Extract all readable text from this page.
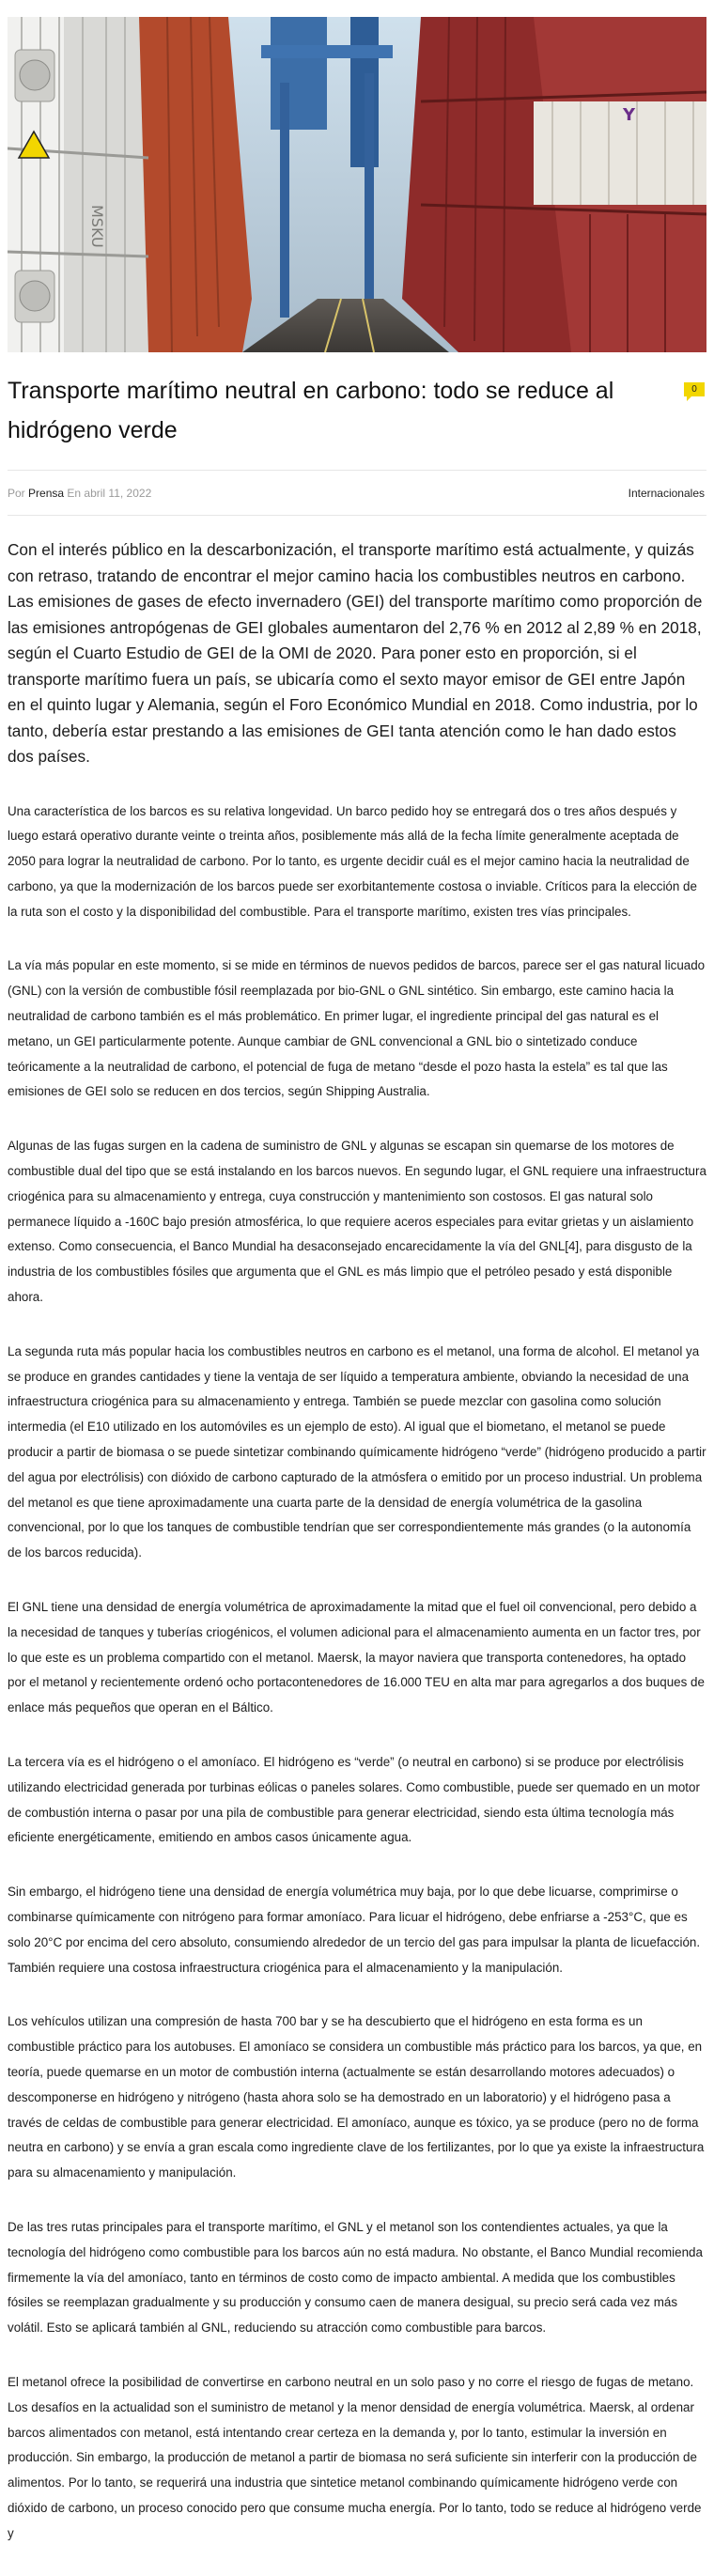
MSKU
Y
Transporte marítimo neutral en carbono: todo se reduce al hidrógeno verde
0
Por Prensa En abril 11, 2022	Internacionales

Con el interés público en la descarbonización, el transporte marítimo está actualmente, y quizás con retraso, tratando de encontrar el mejor camino hacia los combustibles neutros en carbono. Las emisiones de gases de efecto invernadero (GEI) del transporte marítimo como proporción de las emisiones antropógenas de GEI globales aumentaron del 2,76 % en 2012 al 2,89 % en 2018, según el Cuarto Estudio de GEI de la OMI de 2020. Para poner esto en proporción, si el transporte marítimo fuera un país, se ubicaría como el sexto mayor emisor de GEI entre Japón en el quinto lugar y Alemania, según el Foro Económico Mundial en 2018. Como industria, por lo tanto, debería estar prestando a las emisiones de GEI tanta atención como le han dado estos dos países.

Una característica de los barcos es su relativa longevidad. Un barco pedido hoy se entregará dos o tres años después y luego estará operativo durante veinte o treinta años, posiblemente más allá de la fecha límite generalmente aceptada de 2050 para lograr la neutralidad de carbono. Por lo tanto, es urgente decidir cuál es el mejor camino hacia la neutralidad de carbono, ya que la modernización de los barcos puede ser exorbitantemente costosa o inviable. Críticos para la elección de la ruta son el costo y la disponibilidad del combustible. Para el transporte marítimo, existen tres vías principales.

La vía más popular en este momento, si se mide en términos de nuevos pedidos de barcos, parece ser el gas natural licuado (GNL) con la versión de combustible fósil reemplazada por bio-GNL o GNL sintético. Sin embargo, este camino hacia la neutralidad de carbono también es el más problemático. En primer lugar, el ingrediente principal del gas natural es el metano, un GEI particularmente potente. Aunque cambiar de GNL convencional a GNL bio o sintetizado conduce teóricamente a la neutralidad de carbono, el potencial de fuga de metano “desde el pozo hasta la estela” es tal que las emisiones de GEI solo se reducen en dos tercios, según Shipping Australia.

Algunas de las fugas surgen en la cadena de suministro de GNL y algunas se escapan sin quemarse de los motores de combustible dual del tipo que se está instalando en los barcos nuevos. En segundo lugar, el GNL requiere una infraestructura criogénica para su almacenamiento y entrega, cuya construcción y mantenimiento son costosos. El gas natural solo permanece líquido a -160C bajo presión atmosférica, lo que requiere aceros especiales para evitar grietas y un aislamiento extenso. Como consecuencia, el Banco Mundial ha desaconsejado encarecidamente la vía del GNL[4], para disgusto de la industria de los combustibles fósiles que argumenta que el GNL es más limpio que el petróleo pesado y está disponible ahora.

La segunda ruta más popular hacia los combustibles neutros en carbono es el metanol, una forma de alcohol. El metanol ya se produce en grandes cantidades y tiene la ventaja de ser líquido a temperatura ambiente, obviando la necesidad de una infraestructura criogénica para su almacenamiento y entrega. También se puede mezclar con gasolina como solución intermedia (el E10 utilizado en los automóviles es un ejemplo de esto). Al igual que el biometano, el metanol se puede producir a partir de biomasa o se puede sintetizar combinando químicamente hidrógeno “verde” (hidrógeno producido a partir del agua por electrólisis) con dióxido de carbono capturado de la atmósfera o emitido por un proceso industrial. Un problema del metanol es que tiene aproximadamente una cuarta parte de la densidad de energía volumétrica de la gasolina convencional, por lo que los tanques de combustible tendrían que ser correspondientemente más grandes (o la autonomía de los barcos reducida).

El GNL tiene una densidad de energía volumétrica de aproximadamente la mitad que el fuel oil convencional, pero debido a la necesidad de tanques y tuberías criogénicos, el volumen adicional para el almacenamiento aumenta en un factor tres, por lo que este es un problema compartido con el metanol. Maersk, la mayor naviera que transporta contenedores, ha optado por el metanol y recientemente ordenó ocho portacontenedores de 16.000 TEU en alta mar para agregarlos a dos buques de enlace más pequeños que operan en el Báltico.

La tercera vía es el hidrógeno o el amoníaco. El hidrógeno es “verde” (o neutral en carbono) si se produce por electrólisis utilizando electricidad generada por turbinas eólicas o paneles solares. Como combustible, puede ser quemado en un motor de combustión interna o pasar por una pila de combustible para generar electricidad, siendo esta última tecnología más eficiente energéticamente, emitiendo en ambos casos únicamente agua.

Sin embargo, el hidrógeno tiene una densidad de energía volumétrica muy baja, por lo que debe licuarse, comprimirse o combinarse químicamente con nitrógeno para formar amoníaco. Para licuar el hidrógeno, debe enfriarse a -253°C, que es solo 20°C por encima del cero absoluto, consumiendo alrededor de un tercio del gas para impulsar la planta de licuefacción. También requiere una costosa infraestructura criogénica para el almacenamiento y la manipulación.

Los vehículos utilizan una compresión de hasta 700 bar y se ha descubierto que el hidrógeno en esta forma es un combustible práctico para los autobuses. El amoníaco se considera un combustible más práctico para los barcos, ya que, en teoría, puede quemarse en un motor de combustión interna (actualmente se están desarrollando motores adecuados) o descomponerse en hidrógeno y nitrógeno (hasta ahora solo se ha demostrado en un laboratorio) y el hidrógeno pasa a través de celdas de combustible para generar electricidad. El amoníaco, aunque es tóxico, ya se produce (pero no de forma neutra en carbono) y se envía a gran escala como ingrediente clave de los fertilizantes, por lo que ya existe la infraestructura para su almacenamiento y manipulación.

De las tres rutas principales para el transporte marítimo, el GNL y el metanol son los contendientes actuales, ya que la tecnología del hidrógeno como combustible para los barcos aún no está madura. No obstante, el Banco Mundial recomienda firmemente la vía del amoníaco, tanto en términos de costo como de impacto ambiental. A medida que los combustibles fósiles se reemplazan gradualmente y su producción y consumo caen de manera desigual, su precio será cada vez más volátil. Esto se aplicará también al GNL, reduciendo su atracción como combustible para barcos.

El metanol ofrece la posibilidad de convertirse en carbono neutral en un solo paso y no corre el riesgo de fugas de metano. Los desafíos en la actualidad son el suministro de metanol y la menor densidad de energía volumétrica. Maersk, al ordenar barcos alimentados con metanol, está intentando crear certeza en la demanda y, por lo tanto, estimular la inversión en producción. Sin embargo, la producción de metanol a partir de biomasa no será suficiente sin interferir con la producción de alimentos. Por lo tanto, se requerirá una industria que sintetice metanol combinando químicamente hidrógeno verde con dióxido de carbono, un proceso conocido pero que consume mucha energía. Por lo tanto, todo se reduce al hidrógeno verde y
